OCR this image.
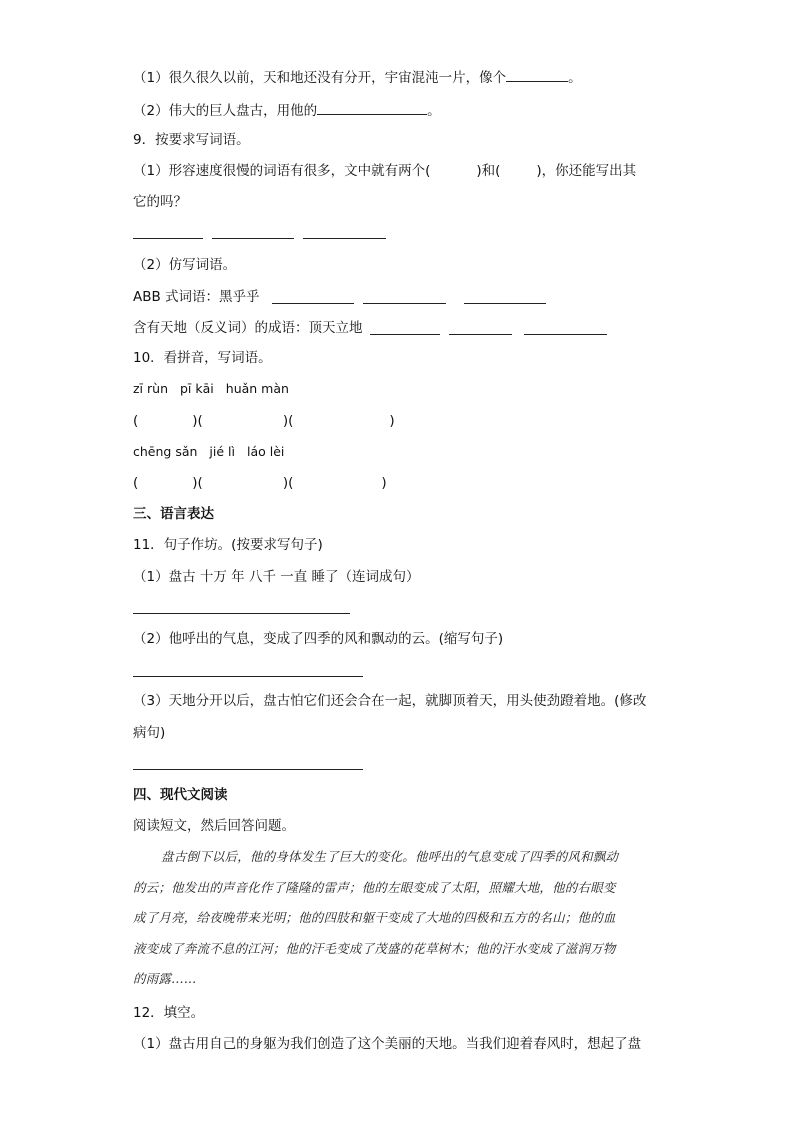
（1）很久很久以前，天和地还没有分开，宇宙混沌一片，像个	。
（2）伟大的巨人盘古，用他的	。
9．按要求写词语。
（1）形容速度很慢的词语有很多，文中就有两个(	)和(	)，你还能写出其
它的吗？
（2）仿写词语。
ABB 式词语：黑乎乎
含有天地（反义词）的成语：顶天立地
10．看拼音，写词语。
zī rùn pī kāi huǎn màn
(	)(	)(	)
chēng sǎn jié lì láo lèi
(	)(	)(	)
三、语言表达
11．句子作坊。(按要求写句子)
（1）盘古 十万 年 八千 一直 睡了（连词成句）
（2）他呼出的气息，变成了四季的风和飘动的云。(缩写句子)
（3）天地分开以后，盘古怕它们还会合在一起，就脚顶着天，用头使劲蹬着地。(修改
病句)
四、现代文阅读
阅读短文，然后回答问题。
盘古倒下以后，他的身体发生了巨大的变化。他呼出的气息变成了四季的风和飘动
的云；他发出的声音化作了隆隆的雷声；他的左眼变成了太阳，照耀大地，他的右眼变
成了月亮，给夜晚带来光明；他的四肢和躯干变成了大地的四极和五方的名山；他的血
液变成了奔流不息的江河；他的汗毛变成了茂盛的花草树木；他的汗水变成了滋润万物
的雨露……
12．填空。
（1）盘古用自己的身躯为我们创造了这个美丽的天地。当我们迎着春风时，想起了盘
